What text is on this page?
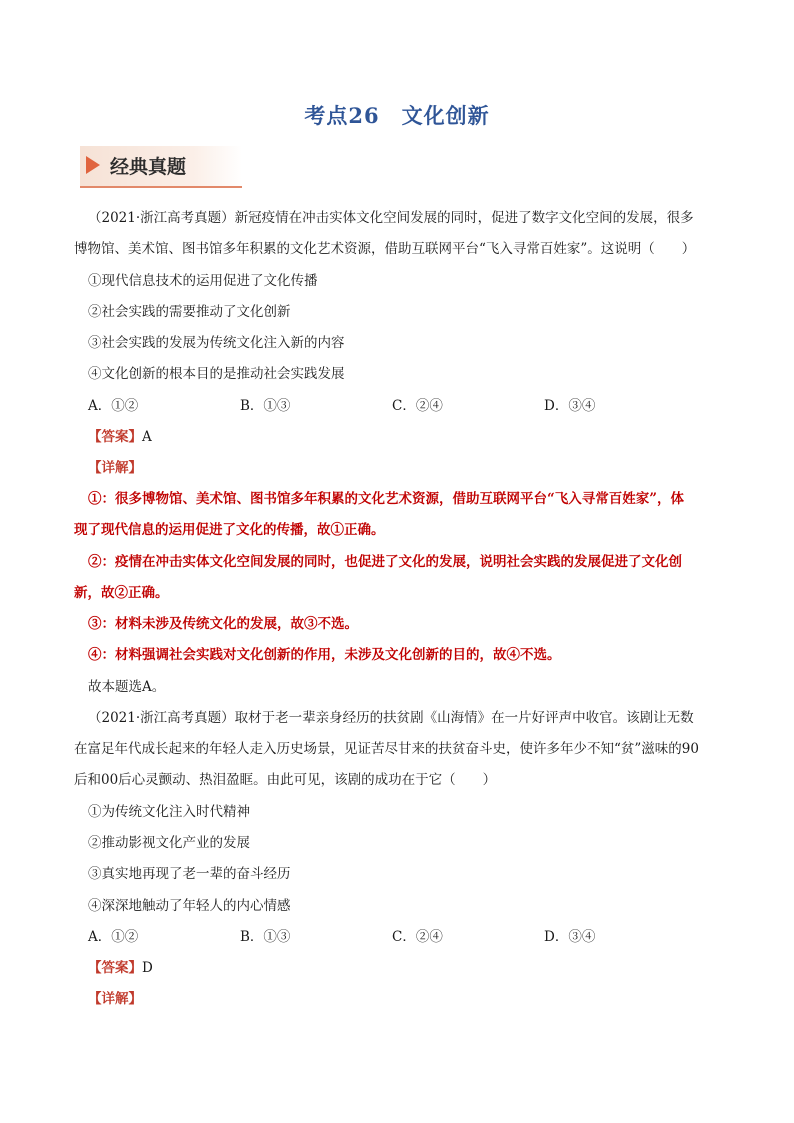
考点26 文化创新
经典真题
（2021·浙江高考真题）新冠疫情在冲击实体文化空间发展的同时，促进了数字文化空间的发展，很多
博物馆、美术馆、图书馆多年积累的文化艺术资源，借助互联网平台“飞入寻常百姓家”。这说明（　　）
①现代信息技术的运用促进了文化传播
②社会实践的需要推动了文化创新
③社会实践的发展为传统文化注入新的内容
④文化创新的根本目的是推动社会实践发展
A．①②	B．①③	C．②④	D．③④
【答案】A
【详解】
①：很多博物馆、美术馆、图书馆多年积累的文化艺术资源，借助互联网平台“飞入寻常百姓家”，体
现了现代信息的运用促进了文化的传播，故①正确。
②：疫情在冲击实体文化空间发展的同时，也促进了文化的发展，说明社会实践的发展促进了文化创
新，故②正确。
③：材料未涉及传统文化的发展，故③不选。
④：材料强调社会实践对文化创新的作用，未涉及文化创新的目的，故④不选。
故本题选A。
（2021·浙江高考真题）取材于老一辈亲身经历的扶贫剧《山海情》在一片好评声中收官。该剧让无数
在富足年代成长起来的年轻人走入历史场景，见证苦尽甘来的扶贫奋斗史，使许多年少不知“贫”滋味的90
后和00后心灵颤动、热泪盈眶。由此可见，该剧的成功在于它（　　）
①为传统文化注入时代精神
②推动影视文化产业的发展
③真实地再现了老一辈的奋斗经历
④深深地触动了年轻人的内心情感
A．①②	B．①③	C．②④	D．③④
【答案】D
【详解】
